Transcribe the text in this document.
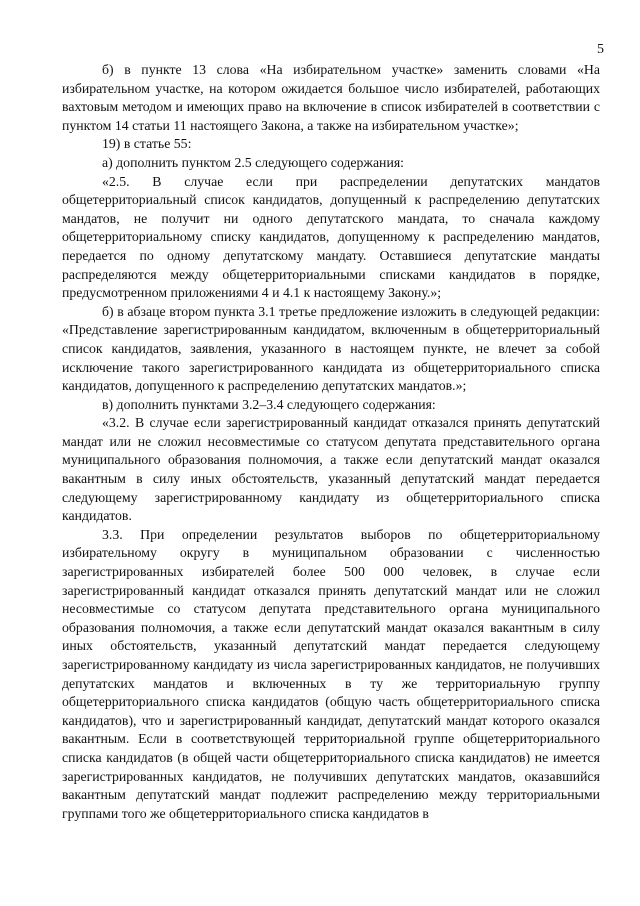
5

б) в пункте 13 слова «На избирательном участке» заменить словами «На избирательном участке, на котором ожидается большое число избирателей, работающих вахтовым методом и имеющих право на включение в список избирателей в соответствии с пунктом 14 статьи 11 настоящего Закона, а также на избирательном участке»;

19) в статье 55:

а) дополнить пунктом 2.5 следующего содержания:

«2.5. В случае если при распределении депутатских мандатов общетерриториальный список кандидатов, допущенный к распределению депутатских мандатов, не получит ни одного депутатского мандата, то сначала каждому общетерриториальному списку кандидатов, допущенному к распределению мандатов, передается по одному депутатскому мандату. Оставшиеся депутатские мандаты распределяются между общетерриториальными списками кандидатов в порядке, предусмотренном приложениями 4 и 4.1 к настоящему Закону.»;

б) в абзаце втором пункта 3.1 третье предложение изложить в следующей редакции: «Представление зарегистрированным кандидатом, включенным в общетерриториальный список кандидатов, заявления, указанного в настоящем пункте, не влечет за собой исключение такого зарегистрированного кандидата из общетерриториального списка кандидатов, допущенного к распределению депутатских мандатов.»;

в) дополнить пунктами 3.2–3.4 следующего содержания:

«3.2. В случае если зарегистрированный кандидат отказался принять депутатский мандат или не сложил несовместимые со статусом депутата представительного органа муниципального образования полномочия, а также если депутатский мандат оказался вакантным в силу иных обстоятельств, указанный депутатский мандат передается следующему зарегистрированному кандидату из общетерриториального списка кандидатов.

3.3. При определении результатов выборов по общетерриториальному избирательному округу в муниципальном образовании с численностью зарегистрированных избирателей более 500 000 человек, в случае если зарегистрированный кандидат отказался принять депутатский мандат или не сложил несовместимые со статусом депутата представительного органа муниципального образования полномочия, а также если депутатский мандат оказался вакантным в силу иных обстоятельств, указанный депутатский мандат передается следующему зарегистрированному кандидату из числа зарегистрированных кандидатов, не получивших депутатских мандатов и включенных в ту же территориальную группу общетерриториального списка кандидатов (общую часть общетерриториального списка кандидатов), что и зарегистрированный кандидат, депутатский мандат которого оказался вакантным. Если в соответствующей территориальной группе общетерриториального списка кандидатов (в общей части общетерриториального списка кандидатов) не имеется зарегистрированных кандидатов, не получивших депутатских мандатов, оказавшийся вакантным депутатский мандат подлежит распределению между территориальными группами того же общетерриториального списка кандидатов в
